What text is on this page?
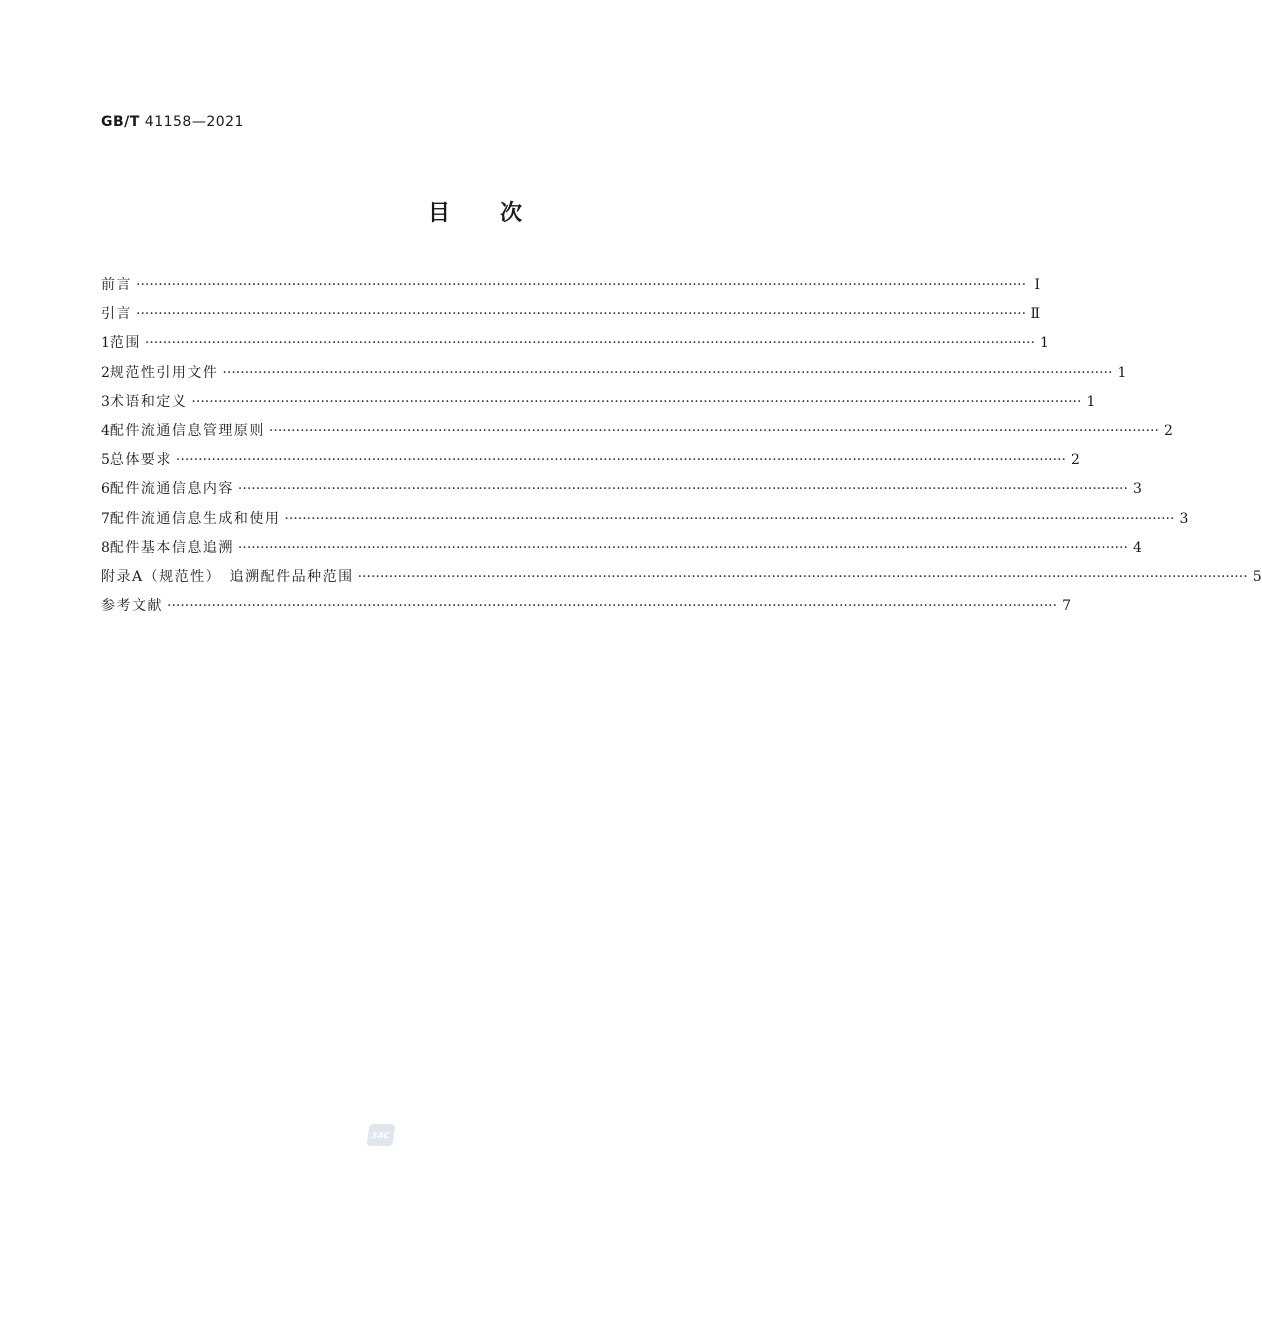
GB/T 41158—2021
目次
前言 ········································································································································································································ Ⅰ
引言 ········································································································································································································ Ⅱ
1 范围 ········································································································································································································ 1
2 规范性引用文件 ········································································································································································································ 1
3 术语和定义 ········································································································································································································ 1
4 配件流通信息管理原则 ········································································································································································································ 2
5 总体要求 ········································································································································································································ 2
6 配件流通信息内容 ········································································································································································································ 3
7 配件流通信息生成和使用 ········································································································································································································ 3
8 配件基本信息追溯 ········································································································································································································ 4
附录A（规范性）　追溯配件品种范围 ········································································································································································································ 5
参考文献 ········································································································································································································ 7
SAC
